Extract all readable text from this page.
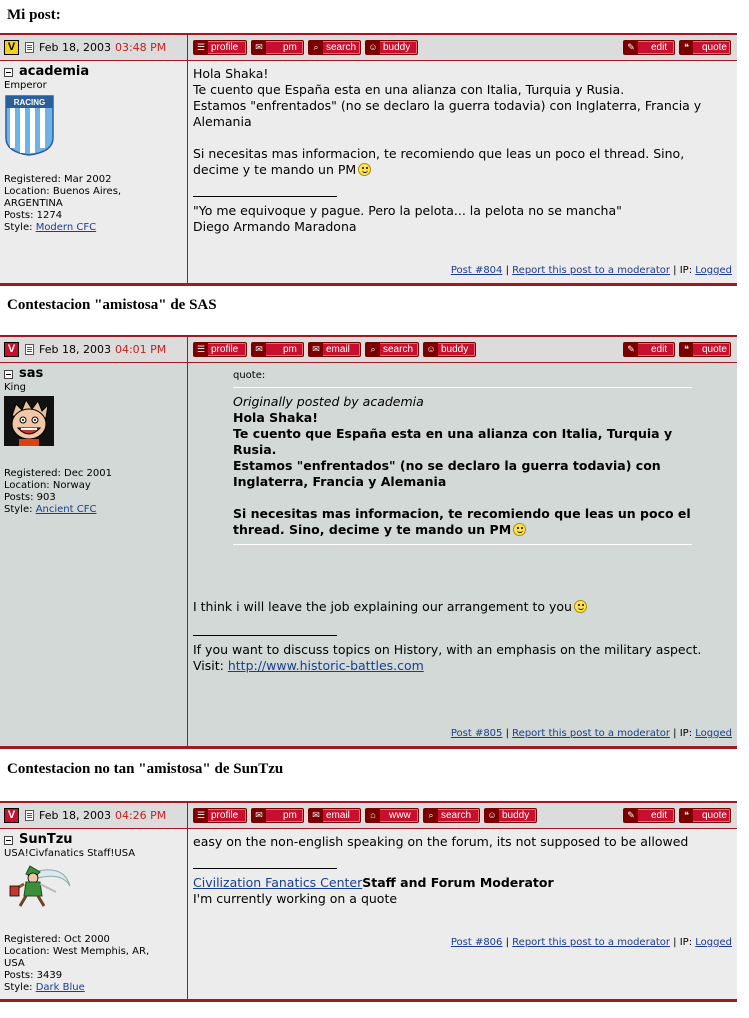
Mi post:
V	Feb 18, 2003 03:48 PM	☰ profile	✉	pm	⌕ search ☺ buddy	✎	edit	❝	quote
academia
Emperor
RACING
Registered: Mar 2002
Location: Buenos Aires, ARGENTINA
Posts: 1274
Style: Modern CFC
Hola Shaka!
Te cuento que España esta en una alianza con Italia, Turquia y Rusia.
Estamos "enfrentados" (no se declaro la guerra todavia) con Inglaterra, Francia y Alemania
Si necesitas mas informacion, te recomiendo que leas un poco el thread. Sino, decime y te mando un PM
"Yo me equivoque y pague. Pero la pelota... la pelota no se mancha"
Diego Armando Maradona
Post #804 | Report this post to a moderator | IP: Logged
Contestacion "amistosa" de SAS
V	Feb 18, 2003 04:01 PM	☰ profile	✉	pm	✉ email	⌕ search ☺ buddy	✎	edit	❝	quote
sas
King
Registered: Dec 2001
Location: Norway
Posts: 903
Style: Ancient CFC
quote:
Originally posted by academia
Hola Shaka!
Te cuento que España esta en una alianza con Italia, Turquia y Rusia.
Estamos "enfrentados" (no se declaro la guerra todavia) con Inglaterra, Francia y Alemania
Si necesitas mas informacion, te recomiendo que leas un poco el thread. Sino, decime y te mando un PM
I think i will leave the job explaining our arrangement to you
If you want to discuss topics on History, with an emphasis on the military aspect.
Visit: http://www.historic-battles.com
Post #805 | Report this post to a moderator | IP: Logged
Contestacion no tan "amistosa" de SunTzu
V	Feb 18, 2003 04:26 PM	☰ profile	✉	pm	✉ email	⌂	www	⌕ search ☺ buddy	✎	edit	❝	quote
SunTzu
USA!Civfanatics Staff!USA
Registered: Oct 2000
Location: West Memphis, AR, USA
Posts: 3439
Style: Dark Blue
easy on the non-english speaking on the forum, its not supposed to be allowed
Civilization Fanatics CenterStaff and Forum Moderator
I'm currently working on a quote
Post #806 | Report this post to a moderator | IP: Logged
